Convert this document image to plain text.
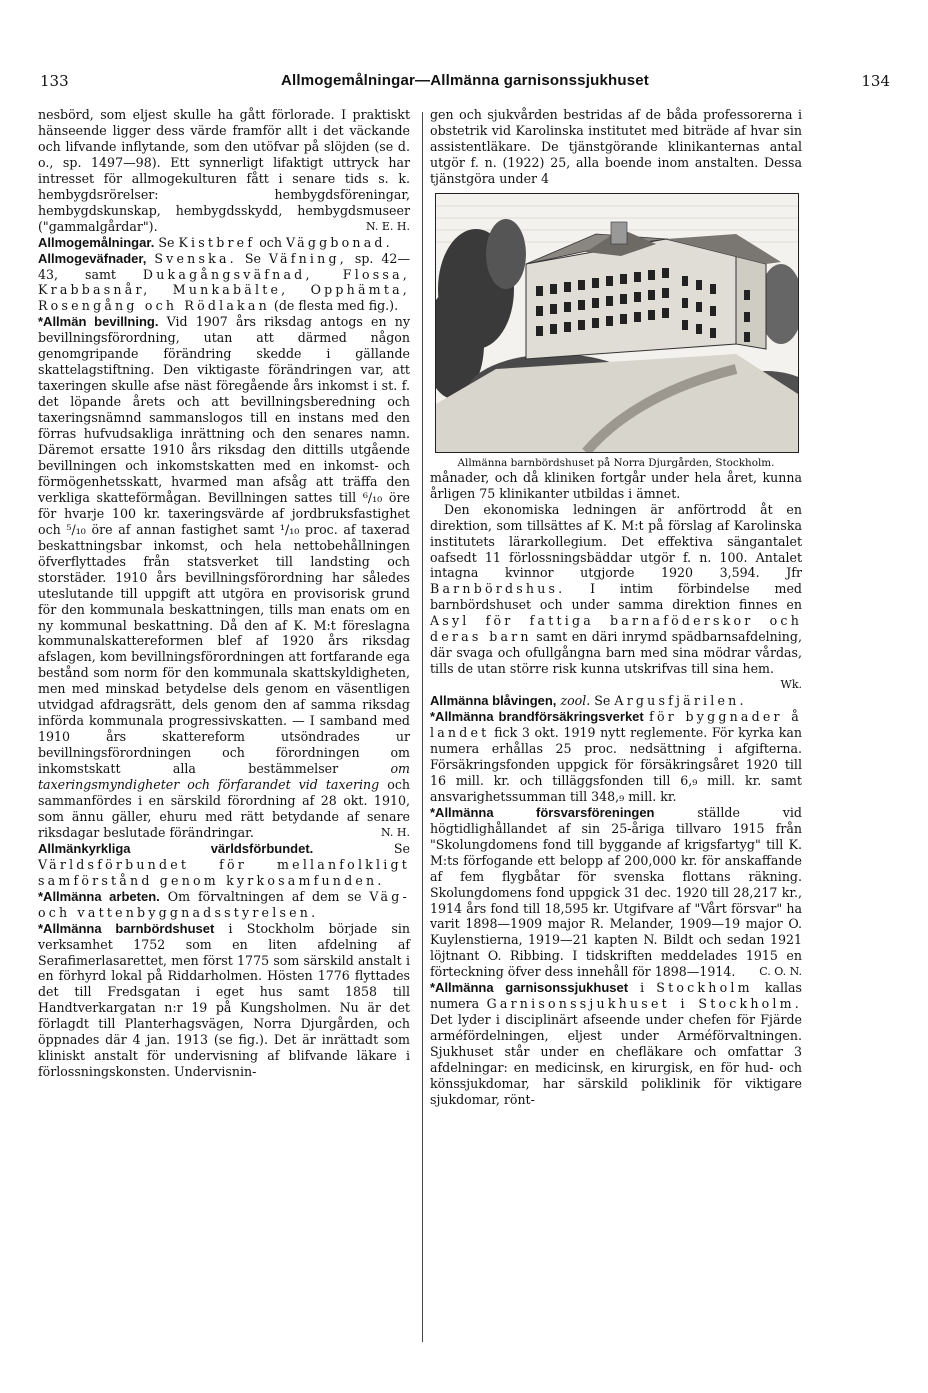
133	Allmogemålningar—Allmänna garnisonssjukhuset	134

nesbörd, som eljest skulle ha gått förlorade. I praktiskt hänseende ligger dess värde framför allt i det väckande och lifvande inflytande, som den utöfvar på slöjden (se d. o., sp. 1497—98). Ett synnerligt lifaktigt uttryck har intresset för allmogekulturen fått i senare tids s. k. hembygdsrörelser: hembygdsföreningar, hembygdskunskap, hembygdsskydd, hembygdsmuseer ("gammalgårdar").	N. E. H.

Allmogemålningar. Se Kistbref och Väggbonad.

Allmogeväfnader, Svenska. Se Väfning, sp. 42—43, samt Dukagångsväfnad, Flossa, Krabbasnår, Munkabälte, Opphämta, Rosengång och Rödlakan (de flesta med fig.).

*Allmän bevillning. Vid 1907 års riksdag antogs en ny bevillningsförordning, utan att därmed någon genomgripande förändring skedde i gällande skattelagstiftning. Den viktigaste förändringen var, att taxeringen skulle afse näst föregående års inkomst i st. f. det löpande årets och att bevillningsberedning och taxeringsnämnd sammanslogos till en instans med den förras hufvudsakliga inrättning och den senares namn. Däremot ersatte 1910 års riksdag den dittills utgående bevillningen och inkomstskatten med en inkomst- och förmögenhetsskatt, hvarmed man afsåg att träffa den verkliga skatteförmågan. Bevillningen sattes till ⁶/₁₀ öre för hvarje 100 kr. taxeringsvärde af jordbruksfastighet och ⁵/₁₀ öre af annan fastighet samt ¹/₁₀ proc. af taxerad beskattningsbar inkomst, och hela nettobehållningen öfverflyttades från statsverket till landsting och storstäder. 1910 års bevillningsförordning har således uteslutande till uppgift att utgöra en provisorisk grund för den kommunala beskattningen, tills man enats om en ny kommunal beskattning. Då den af K. M:t föreslagna kommunalskattereformen blef af 1920 års riksdag afslagen, kom bevillningsförordningen att fortfarande ega bestånd som norm för den kommunala skattskyldigheten, men med minskad betydelse dels genom en väsentligen utvidgad afdragsrätt, dels genom den af samma riksdag införda kommunala progressivskatten. — I samband med 1910 års skattereform utsöndrades ur bevillningsförordningen och förordningen om inkomstskatt alla bestämmelser	om taxeringsmyndigheter och förfarandet vid taxering och sammanfördes i en särskild förordning af 28 okt. 1910, som ännu gäller, ehuru med rätt betydande af senare riksdagar beslutade förändringar.	N. H.

Allmänkyrkliga världsförbundet.	Se Världsförbundet för mellanfolkligt samförstånd genom kyrkosamfunden.

*Allmänna arbeten. Om förvaltningen af dem se Väg- och vattenbyggnadsstyrelsen.

*Allmänna barnbördshuset i Stockholm började sin verksamhet 1752 som en liten afdelning af Serafimerlasarettet, men först 1775 som särskild anstalt i en förhyrd lokal på Riddarholmen. Hösten 1776 flyttades det till Fredsgatan i eget hus samt 1858 till Handtverkargatan n:r 19 på Kungsholmen. Nu är det förlagdt till Planterhagsvägen, Norra Djurgården, och öppnades där 4 jan. 1913 (se fig.). Det är inrättadt som kliniskt anstalt för undervisning af blifvande läkare i förlossningskonsten. Undervisnin-

gen och sjukvården bestridas af de båda professorerna i obstetrik vid Karolinska institutet med biträde af hvar sin assistentläkare. De tjänstgörande klinikanternas antal utgör f. n. (1922) 25, alla boende inom anstalten. Dessa tjänstgöra under 4

Allmänna barnbördshuset på Norra Djurgården, Stockholm.

månader, och då kliniken fortgår under hela året, kunna årligen 75 klinikanter utbildas i ämnet.

Den ekonomiska ledningen är anförtrodd åt en direktion, som tillsättes af K. M:t på förslag af Karolinska institutets lärarkollegium. Det effektiva sängantalet oafsedt 11 förlossningsbäddar utgör f. n. 100. Antalet intagna kvinnor utgjorde 1920 3,594. Jfr Barnbördshus. I intim förbindelse med barnbördshuset och under samma direktion finnes en Asyl för fattiga barnaföderskor och deras barn samt en däri inrymd spädbarnsafdelning, där svaga och ofullgångna barn med sina mödrar vårdas, tills de utan större risk kunna utskrifvas till sina hem.
Wk.

Allmänna blåvingen, zool. Se Argusfjärilen.

*Allmänna brandförsäkringsverket för byggnader å landet fick 3 okt. 1919 nytt reglemente. För kyrka kan numera erhållas 25 proc. nedsättning i afgifterna. Försäkringsfonden uppgick för försäkringsåret 1920 till 16 mill. kr. och tilläggsfonden till 6,₉ mill. kr. samt ansvarighetssumman till 348,₉ mill. kr.

*Allmänna försvarsföreningen	ställde vid högtidlighållandet af sin 25-åriga tillvaro 1915 från "Skolungdomens fond till byggande af krigsfartyg" till K. M:ts förfogande ett belopp af 200,000 kr. för anskaffande af fem flygbåtar för svenska flottans räkning. Skolungdomens fond uppgick 31 dec. 1920 till 28,217 kr., 1914 års fond till 18,595 kr. Utgifvare af "Vårt försvar" ha varit 1898—1909 major R. Melander, 1909—19 major O. Kuylenstierna, 1919—21 kapten N. Bildt och sedan 1921 löjtnant O. Ribbing. I tidskriften meddelades 1915 en förteckning öfver dess innehåll för 1898—1914. C. O. N.

*Allmänna garnisonssjukhuset i Stockholm kallas numera Garnisonssjukhuset i Stockholm. Det lyder i disciplinärt afseende under chefen för Fjärde arméfördelningen, eljest under Arméförvaltningen. Sjukhuset står under en chefläkare och omfattar 3 afdelningar: en medicinsk, en kirurgisk, en för hud- och könssjukdomar, har särskild poliklinik för viktigare sjukdomar, rönt-
